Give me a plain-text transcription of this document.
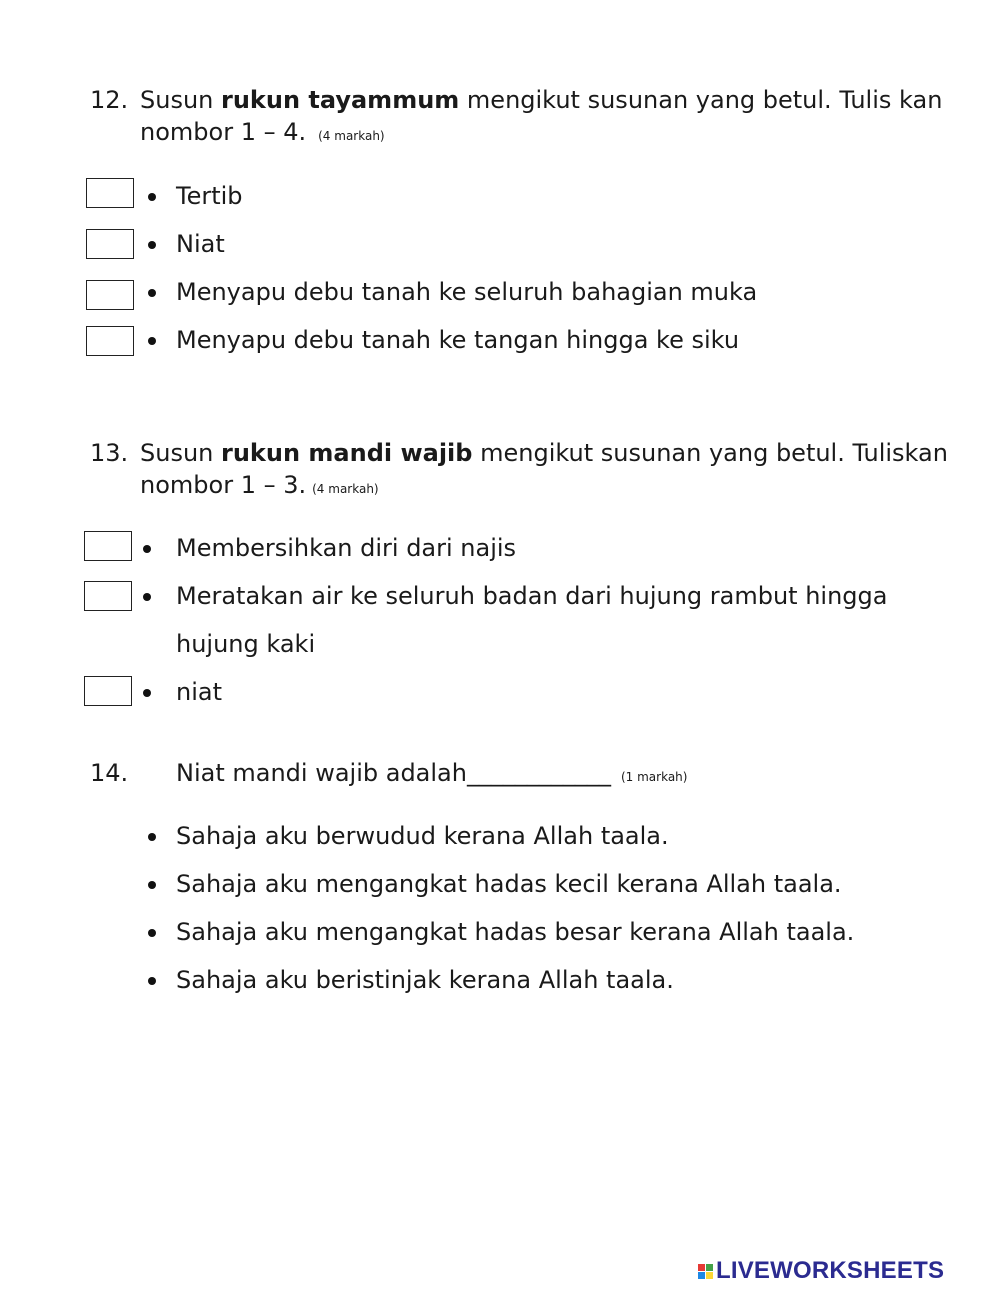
12. Susun rukun tayammum mengikut susunan yang betul. Tulis kan
nombor 1 – 4. (4 markah)
Tertib
Niat
Menyapu debu tanah ke seluruh bahagian muka
Menyapu debu tanah ke tangan hingga ke siku
13. Susun rukun mandi wajib mengikut susunan yang betul. Tuliskan
nombor 1 – 3. (4 markah)
Membersihkan diri dari najis
Meratakan air ke seluruh badan dari hujung rambut hingga
hujung kaki
niat
14. Niat mandi wajib adalah____________ (1 markah)
Sahaja aku berwudud kerana Allah taala.
Sahaja aku mengangkat hadas kecil kerana Allah taala.
Sahaja aku mengangkat hadas besar kerana Allah taala.
Sahaja aku beristinjak kerana Allah taala.
LIVEWORKSHEETS
